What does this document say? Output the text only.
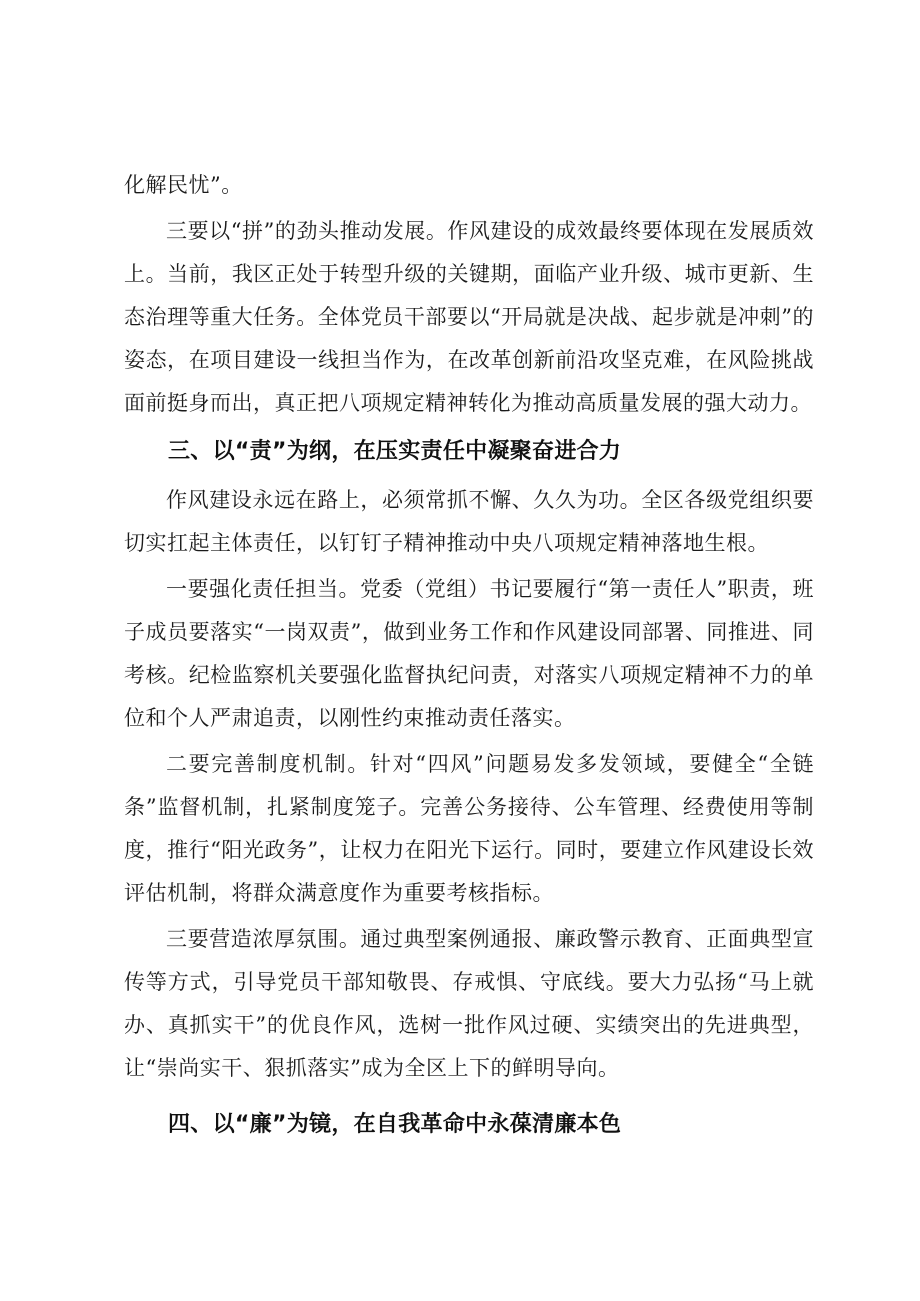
化解民忧”。

三要以“拼”的劲头推动发展。作风建设的成效最终要体现在发展质效上。当前，我区正处于转型升级的关键期，面临产业升级、城市更新、生态治理等重大任务。全体党员干部要以“开局就是决战、起步就是冲刺”的姿态，在项目建设一线担当作为，在改革创新前沿攻坚克难，在风险挑战面前挺身而出，真正把八项规定精神转化为推动高质量发展的强大动力。

三、以“责”为纲，在压实责任中凝聚奋进合力

作风建设永远在路上，必须常抓不懈、久久为功。全区各级党组织要切实扛起主体责任，以钉钉子精神推动中央八项规定精神落地生根。

一要强化责任担当。党委（党组）书记要履行“第一责任人”职责，班子成员要落实“一岗双责”，做到业务工作和作风建设同部署、同推进、同考核。纪检监察机关要强化监督执纪问责，对落实八项规定精神不力的单位和个人严肃追责，以刚性约束推动责任落实。

二要完善制度机制。针对“四风”问题易发多发领域，要健全“全链条”监督机制，扎紧制度笼子。完善公务接待、公车管理、经费使用等制度，推行“阳光政务”，让权力在阳光下运行。同时，要建立作风建设长效评估机制，将群众满意度作为重要考核指标。

三要营造浓厚氛围。通过典型案例通报、廉政警示教育、正面典型宣传等方式，引导党员干部知敬畏、存戒惧、守底线。要大力弘扬“马上就办、真抓实干”的优良作风，选树一批作风过硬、实绩突出的先进典型，让“崇尚实干、狠抓落实”成为全区上下的鲜明导向。

四、以“廉”为镜，在自我革命中永葆清廉本色
